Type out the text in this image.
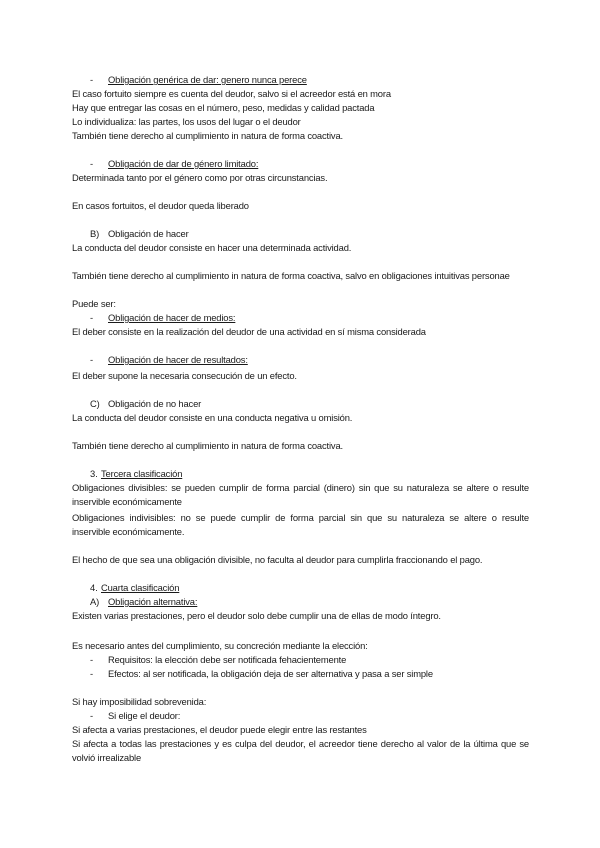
- Obligación genérica de dar: genero nunca perece
El caso fortuito siempre es cuenta del deudor, salvo si el acreedor está en mora
Hay que entregar las cosas en el número, peso, medidas y calidad pactada
Lo individualiza: las partes, los usos del lugar o el deudor
También tiene derecho al cumplimiento in natura de forma coactiva.
- Obligación de dar de género limitado:
Determinada tanto por el género como por otras circunstancias.
En casos fortuitos, el deudor queda liberado
B) Obligación de hacer
La conducta del deudor consiste en hacer una determinada actividad.
También tiene derecho al cumplimiento in natura de forma coactiva, salvo en obligaciones intuitivas personae
Puede ser:
- Obligación de hacer de medios:
El deber consiste en la realización del deudor de una actividad en sí misma considerada
- Obligación de hacer de resultados:
El deber supone la necesaria consecución de un efecto.
C) Obligación de no hacer
La conducta del deudor consiste en una conducta negativa u omisión.
También tiene derecho al cumplimiento in natura de forma coactiva.
3. Tercera clasificación
Obligaciones divisibles: se pueden cumplir de forma parcial (dinero) sin que su naturaleza se altere o resulte
inservible económicamente
Obligaciones indivisibles: no se puede cumplir de forma parcial sin que su naturaleza se altere o resulte
inservible económicamente.
El hecho de que sea una obligación divisible, no faculta al deudor para cumplirla fraccionando el pago.
4. Cuarta clasificación
A) Obligación alternativa:
Existen varias prestaciones, pero el deudor solo debe cumplir una de ellas de modo íntegro.
Es necesario antes del cumplimiento, su concreción mediante la elección:
- Requisitos: la elección debe ser notificada fehacientemente
- Efectos: al ser notificada, la obligación deja de ser alternativa y pasa a ser simple
Si hay imposibilidad sobrevenida:
- Si elige el deudor:
Si afecta a varias prestaciones, el deudor puede elegir entre las restantes
Si afecta a todas las prestaciones y es culpa del deudor, el acreedor tiene derecho al valor de la última que se
volvió irrealizable
